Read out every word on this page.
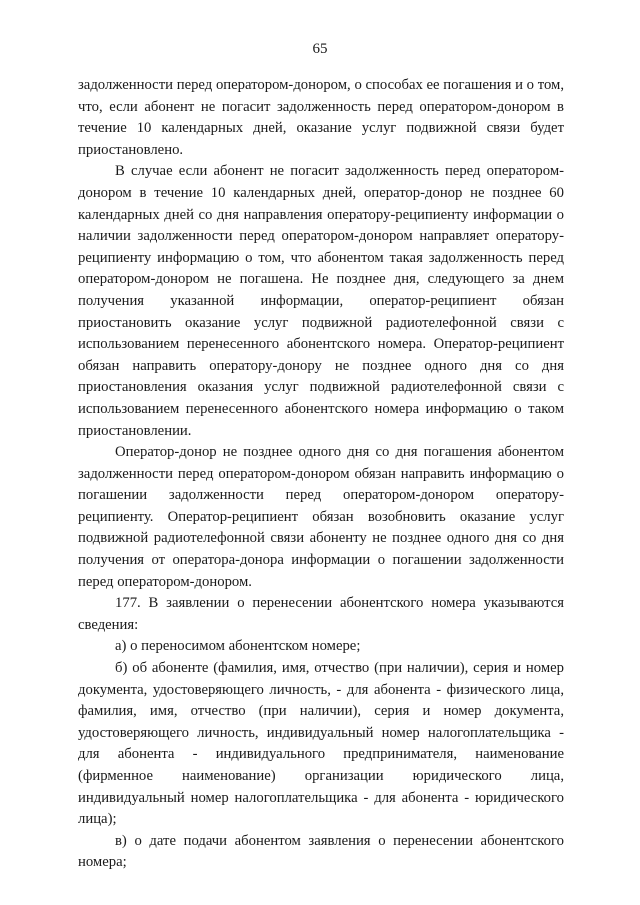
65

задолженности перед оператором-донором, о способах ее погашения и о том, что, если абонент не погасит задолженность перед оператором-донором в течение 10 календарных дней, оказание услуг подвижной связи будет приостановлено.

В случае если абонент не погасит задолженность перед оператором-донором в течение 10 календарных дней, оператор-донор не позднее 60 календарных дней со дня направления оператору-реципиенту информации о наличии задолженности перед оператором-донором направляет оператору-реципиенту информацию о том, что абонентом такая задолженность перед оператором-донором не погашена. Не позднее дня, следующего за днем получения указанной информации, оператор-реципиент обязан приостановить оказание услуг подвижной радиотелефонной связи с использованием перенесенного абонентского номера. Оператор-реципиент обязан направить оператору-донору не позднее одного дня со дня приостановления оказания услуг подвижной радиотелефонной связи с использованием перенесенного абонентского номера информацию о таком приостановлении.

Оператор-донор не позднее одного дня со дня погашения абонентом задолженности перед оператором-донором обязан направить информацию о погашении задолженности перед оператором-донором оператору-реципиенту. Оператор-реципиент обязан возобновить оказание услуг подвижной радиотелефонной связи абоненту не позднее одного дня со дня получения от оператора-донора информации о погашении задолженности перед оператором-донором.

177. В заявлении о перенесении абонентского номера указываются сведения:

а) о переносимом абонентском номере;

б) об абоненте (фамилия, имя, отчество (при наличии), серия и номер документа, удостоверяющего личность, - для абонента - физического лица, фамилия, имя, отчество (при наличии), серия и номер документа, удостоверяющего личность, индивидуальный номер налогоплательщика - для абонента - индивидуального предпринимателя, наименование (фирменное наименование) организации юридического лица, индивидуальный номер налогоплательщика - для абонента - юридического лица);

в) о дате подачи абонентом заявления о перенесении абонентского номера;
